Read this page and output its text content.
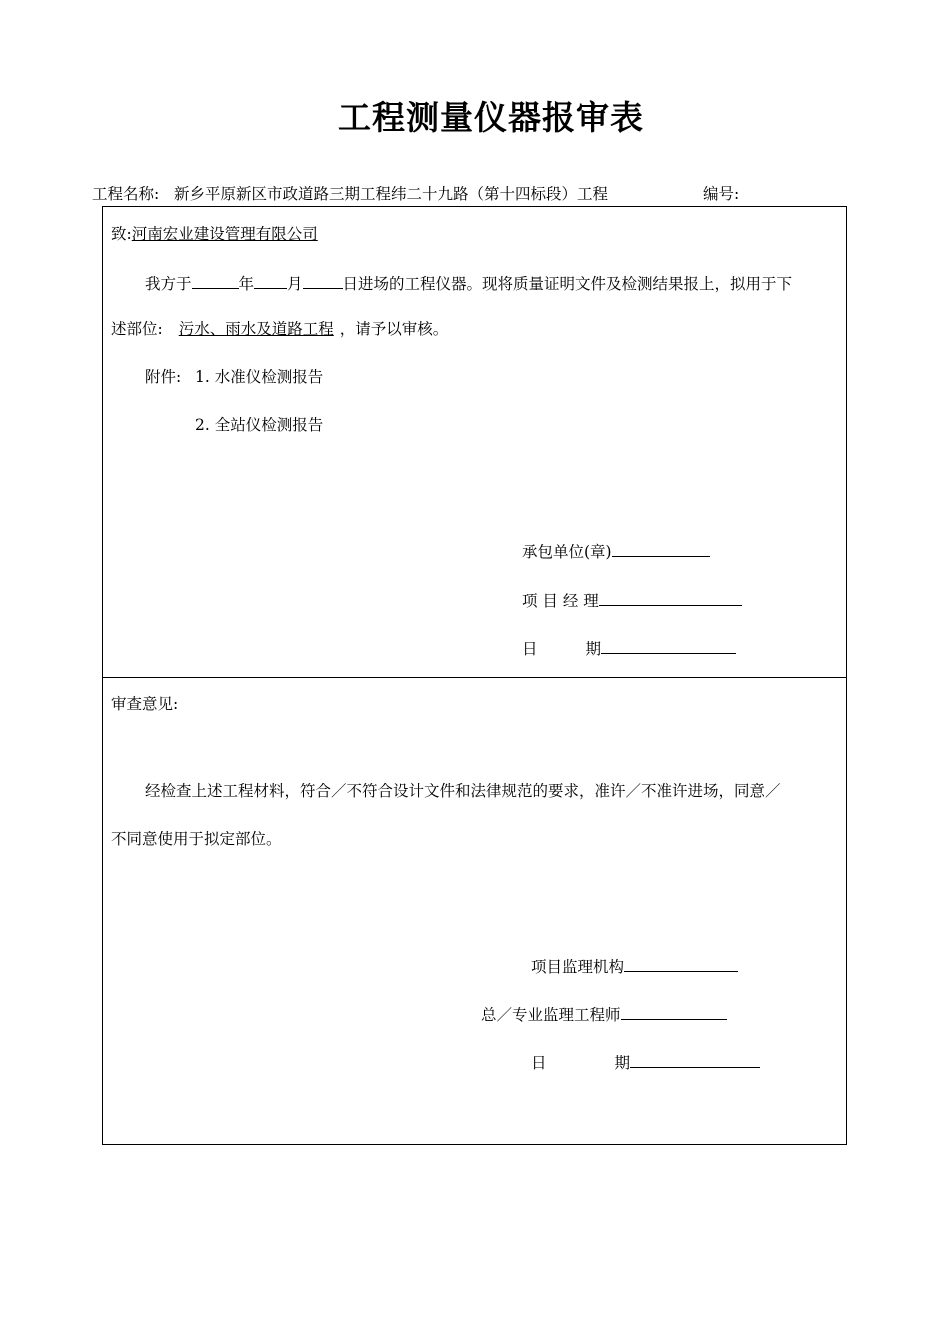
工程测量仪器报审表
工程名称: 新乡平原新区市政道路三期工程纬二十九路（第十四标段）工程	编号:
致:河南宏业建设管理有限公司
我方于	年 月	日进场的工程仪器。现将质量证明文件及检测结果报上，拟用于下
述部位: 污水、雨水及道路工程 ，请予以审核。
附件: 1. 水准仪检测报告
2. 全站仪检测报告
承包单位(章)
项 目 经 理
日	期
审查意见:
经检查上述工程材料，符合／不符合设计文件和法律规范的要求，准许／不准许进场，同意／
不同意使用于拟定部位。
项目监理机构
总／专业监理工程师
日	期
